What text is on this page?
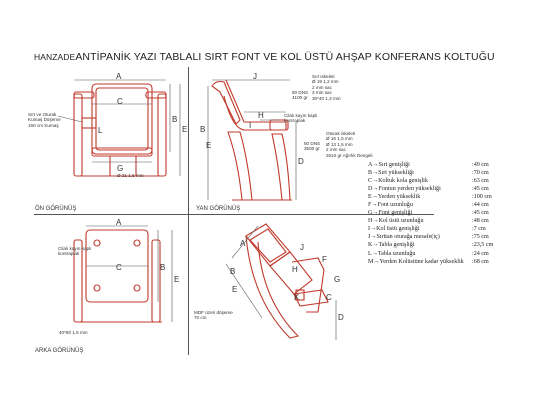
HANZADEANTİPANİK YAZI TABLALI SIRT FONT VE KOL ÜSTÜ AHŞAP KONFERANS KOLTUĞU
ÖN GÖRÜNÜŞ	YAN GÖRÜNÜŞ
ARKA GÖRÜNÜŞ
A
C
L
G
B
E
J
B
E
H
I
D
A
C	B
E
A
B
E
J
H
F
G
K	C
D
Sırt ve Oturak
Kumaş Döşeme
160 cm Kumaş
Ø 21 1,5 mm
Sırt iskeleti
Ø 19 1,2 mm
2 mm sac
3 mm sac
30*40 1,3 mm
60 DNS
4100 gr
Cilalı kayın kaplı
kontraplak
Oturak iskeleti
Ø 16 1,5 mm
Ø 13 1,5 mm
2 mm sac
2610 gr Ağırlık Dengeli
50 DNS
3500 gr
Cilalı kayın kaplı
kontraplak
40*80 1,5 mm
MDF üzeri döşeme
70 cm
A→Sırt genişliği	:49 cm
B→Sırt yüksekliği	:70 cm
C→Koltuk kola genişlik	:63 cm
D→Fontun yerden yüksekliği	:45 cm
E→Yerden yükseklik	:100 cm
F→Font uzunluğu	:44 cm
G→Font genişliği	:45 cm
H→Kol üstü uzunluğu	:48 cm
I→Kol üstü genişliği	:7 cm
J→Sırttan oturağa mesafe(iç)	:75 cm
K→Tabla genişliği	:23,5 cm
L→Tabla uzunluğu	:24 cm
M→Yerden Kolüstüne kadar yükseklik :68 cm
